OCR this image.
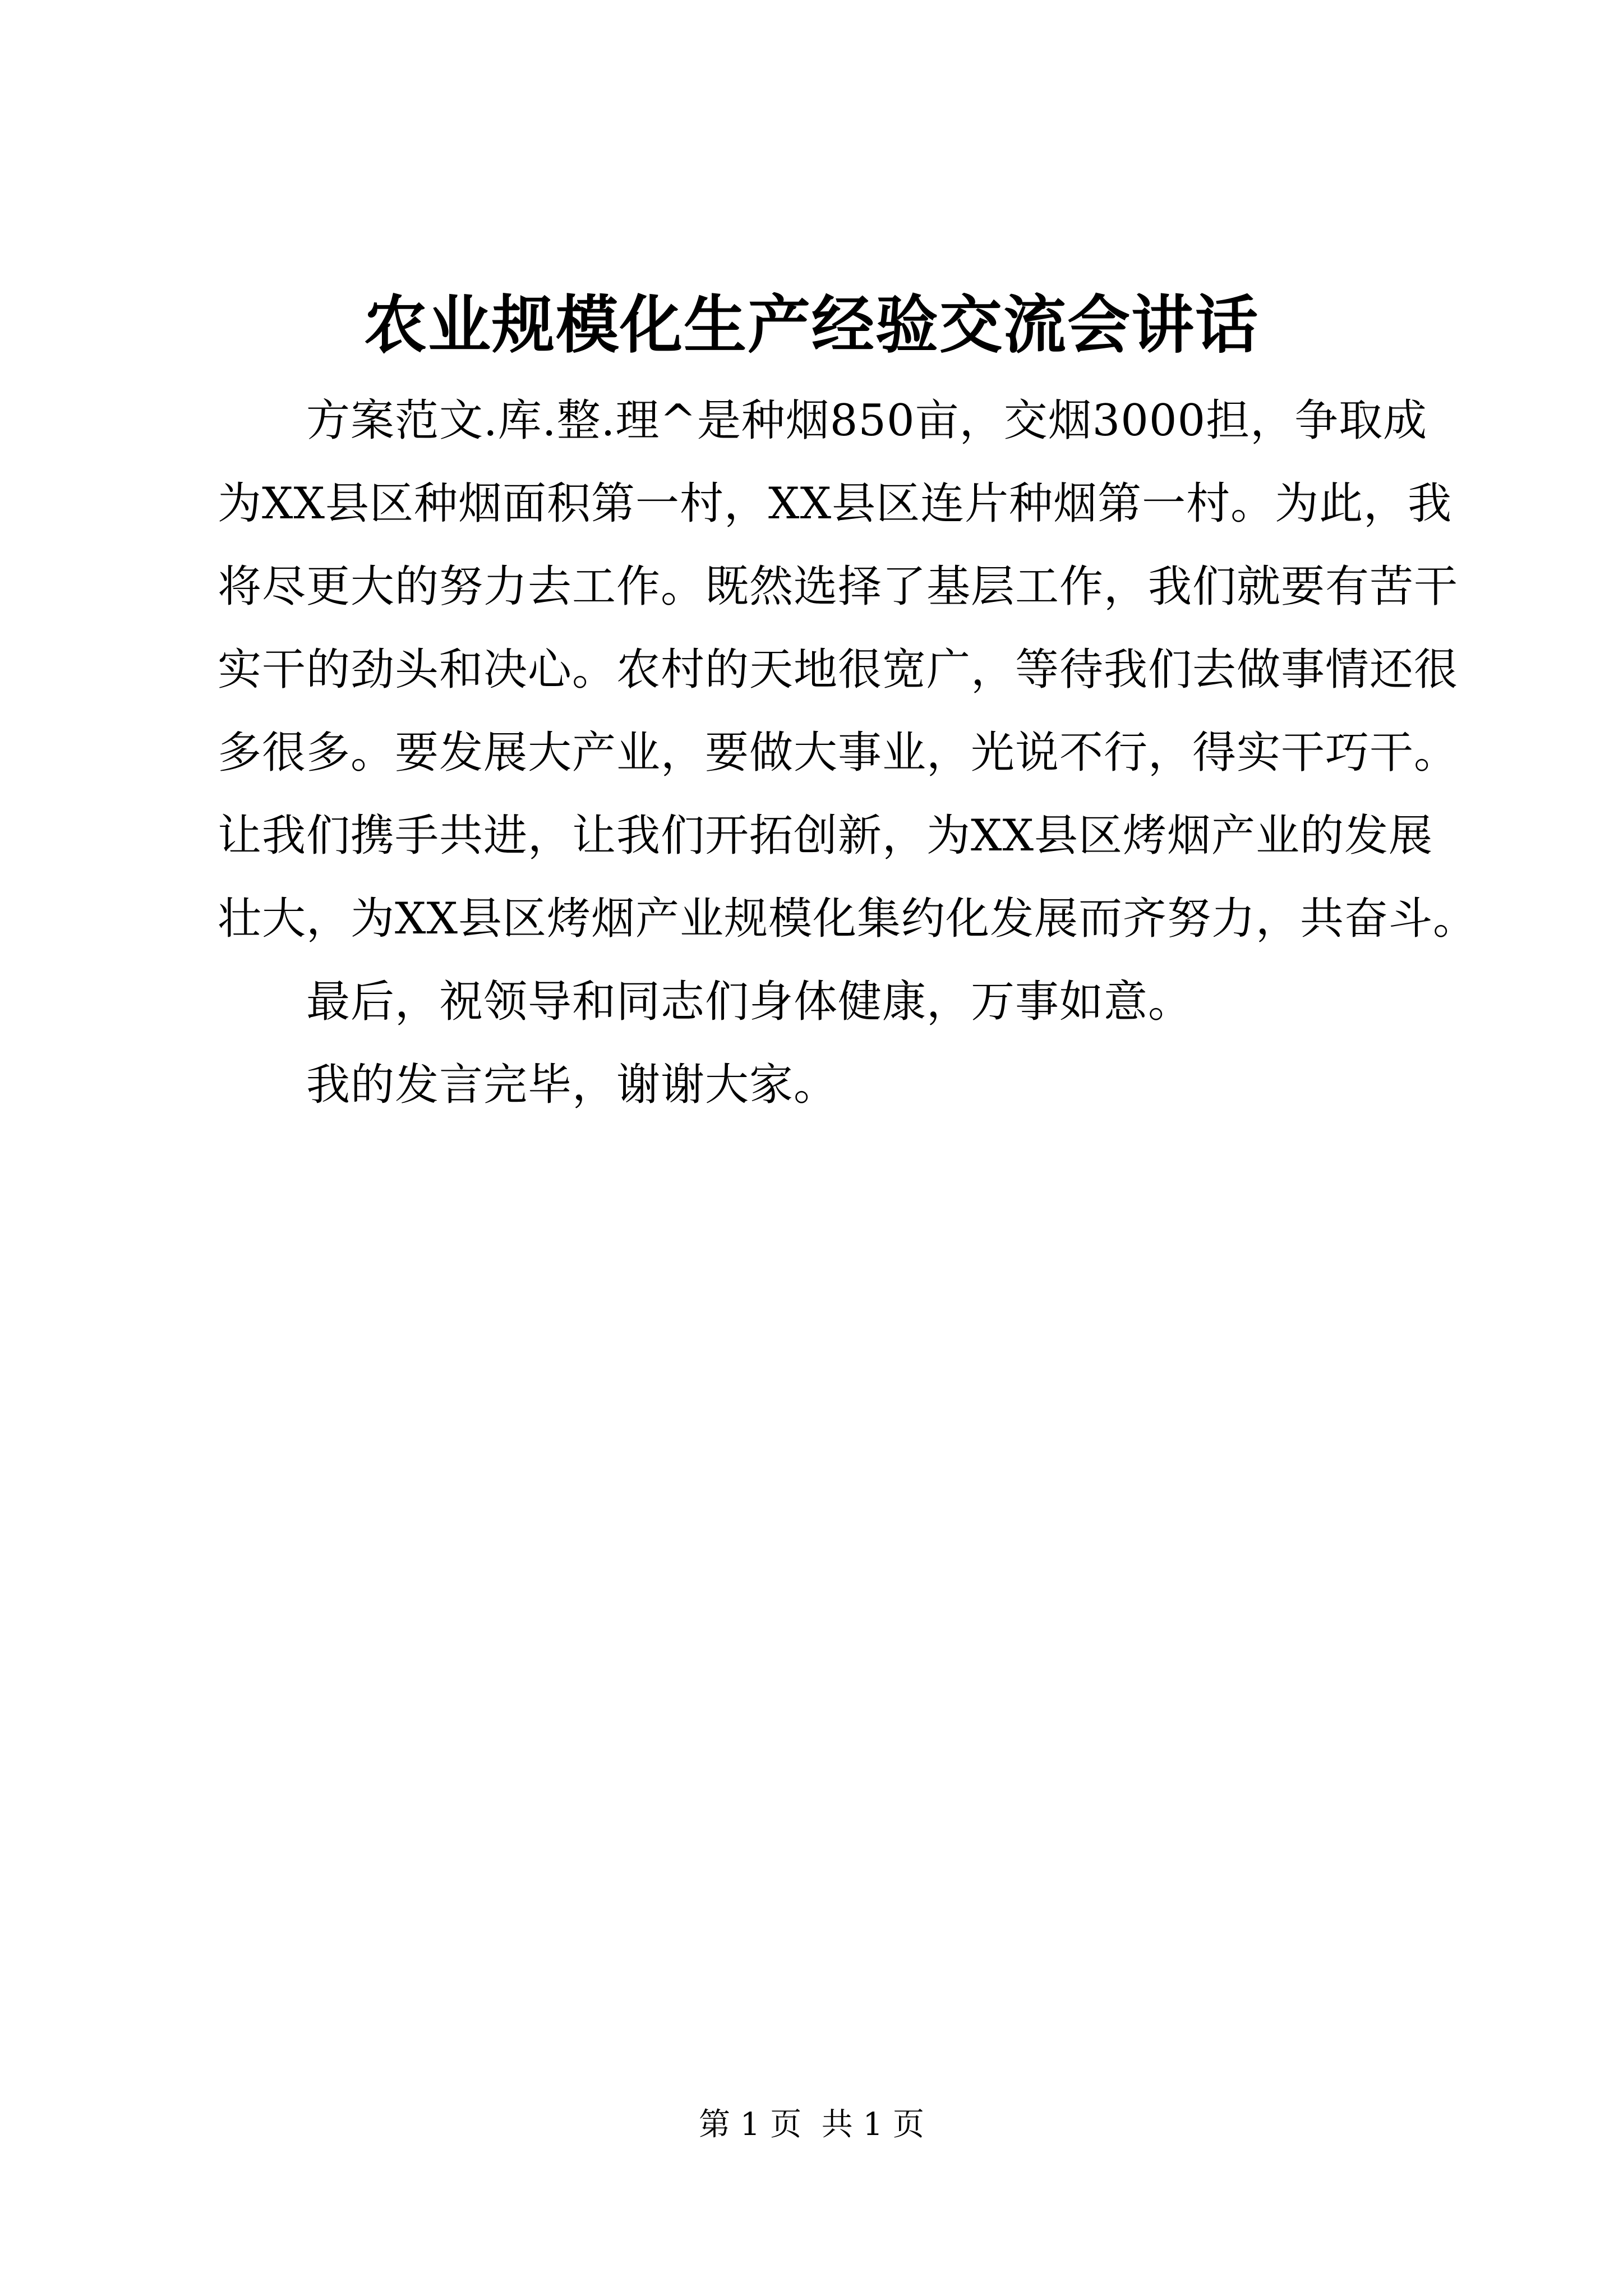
农业规模化生产经验交流会讲话
方案范文.库.整.理^是种烟850亩，交烟3000担，争取成
为XX县区种烟面积第一村，XX县区连片种烟第一村。为此，我
将尽更大的努力去工作。既然选择了基层工作，我们就要有苦干
实干的劲头和决心。农村的天地很宽广，等待我们去做事情还很
多很多。要发展大产业，要做大事业，光说不行，得实干巧干。
让我们携手共进，让我们开拓创新，为XX县区烤烟产业的发展
壮大，为XX县区烤烟产业规模化集约化发展而齐努力，共奋斗。
最后，祝领导和同志们身体健康，万事如意。
我的发言完毕，谢谢大家。
第 1 页  共 1 页
